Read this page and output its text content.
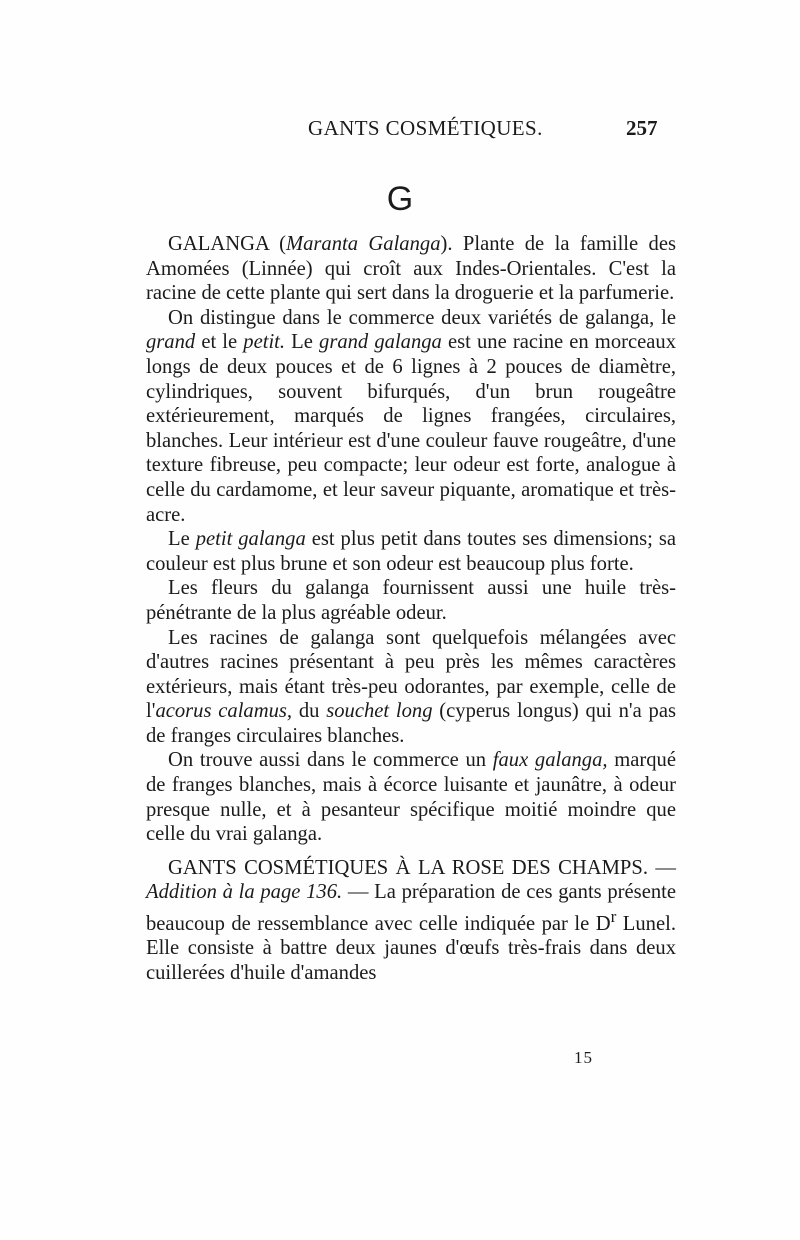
GANTS COSMÉTIQUES.	257
G

GALANGA (Maranta Galanga). Plante de la famille des Amomées (Linnée) qui croît aux Indes-Orientales. C'est la racine de cette plante qui sert dans la droguerie et la parfumerie.

On distingue dans le commerce deux variétés de galanga, le grand et le petit. Le grand galanga est une racine en morceaux longs de deux pouces et de 6 lignes à 2 pouces de diamètre, cylindriques, souvent bifurqués, d'un brun rougeâtre extérieurement, marqués de lignes frangées, circulaires, blanches. Leur intérieur est d'une couleur fauve rougeâtre, d'une texture fibreuse, peu compacte; leur odeur est forte, analogue à celle du cardamome, et leur saveur piquante, aromatique et très-acre.

Le petit galanga est plus petit dans toutes ses dimensions; sa couleur est plus brune et son odeur est beaucoup plus forte.

Les fleurs du galanga fournissent aussi une huile très-pénétrante de la plus agréable odeur.

Les racines de galanga sont quelquefois mélangées avec d'autres racines présentant à peu près les mêmes caractères extérieurs, mais étant très-peu odorantes, par exemple, celle de l'acorus calamus, du souchet long (cyperus longus) qui n'a pas de franges circulaires blanches.

On trouve aussi dans le commerce un faux galanga, marqué de franges blanches, mais à écorce luisante et jaunâtre, à odeur presque nulle, et à pesanteur spécifique moitié moindre que celle du vrai galanga.

GANTS COSMÉTIQUES À LA ROSE DES CHAMPS. — Addition à la page 136. — La préparation de ces gants présente beaucoup de ressemblance avec celle indiquée par le $D^r$ Lunel. Elle consiste à battre deux jaunes d'œufs très-frais dans deux cuillerées d'huile d'amandes

15
